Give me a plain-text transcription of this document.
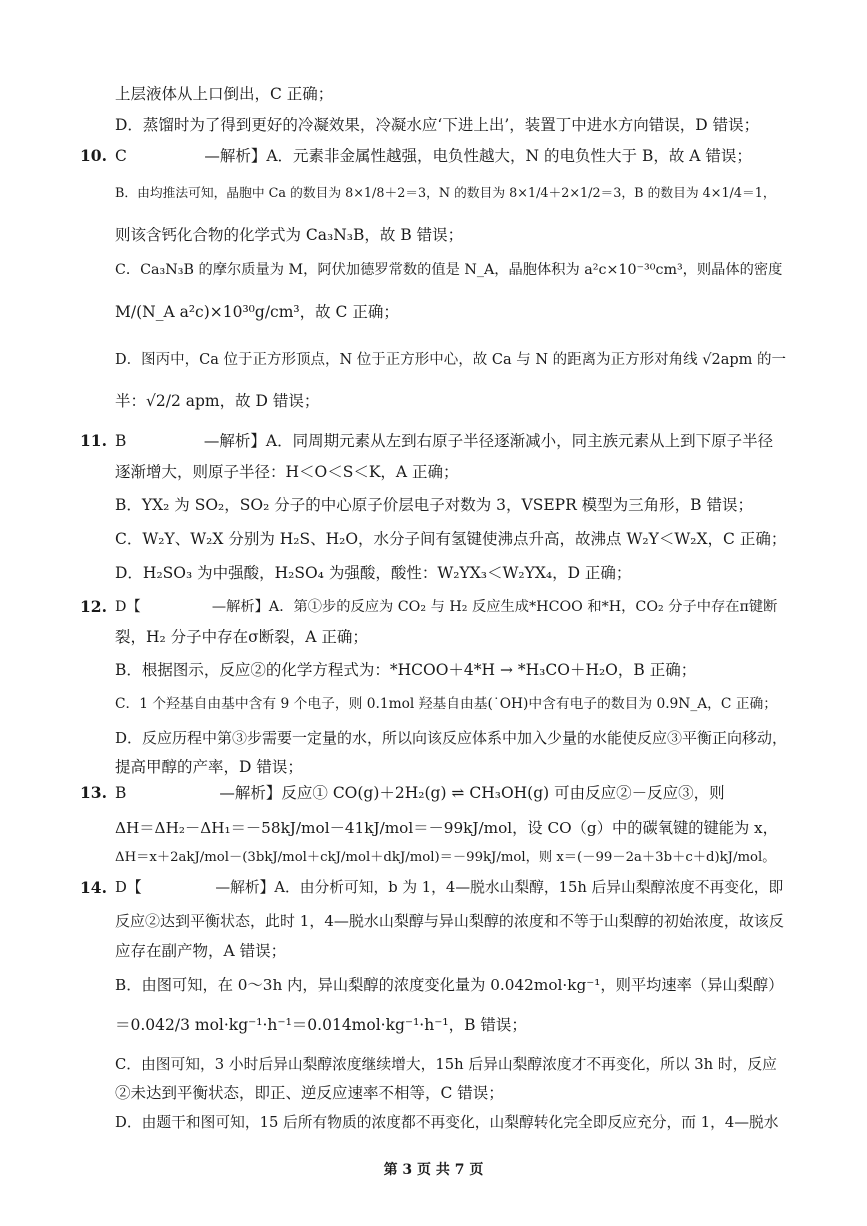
10.
11.
12.
13.
14.
上层液体从上口倒出，C 正确；
D．蒸馏时为了得到更好的冷凝效果，冷凝水应‘下进上出’，装置丁中进水方向错误，D 错误；
C　　　　　—解析】A．元素非金属性越强，电负性越大，N 的电负性大于 B，故 A 错误；
B．由均推法可知，晶胞中 Ca 的数目为 8×1/8＋2＝3，N 的数目为 8×1/4＋2×1/2＝3，B 的数目为 4×1/4＝1，
则该含钙化合物的化学式为 Ca₃N₃B，故 B 错误；
C．Ca₃N₃B 的摩尔质量为 M，阿伏加德罗常数的值是 N_A，晶胞体积为 a²c×10⁻³⁰cm³，则晶体的密度
M/(N_A a²c)×10³⁰g/cm³，故 C 正确；
D．图丙中，Ca 位于正方形顶点，N 位于正方形中心，故 Ca 与 N 的距离为正方形对角线 √2apm 的一
半：√2/2 apm，故 D 错误；
B　　　　　—解析】A．同周期元素从左到右原子半径逐渐减小，同主族元素从上到下原子半径
逐渐增大，则原子半径：H＜O＜S＜K，A 正确；
B．YX₂ 为 SO₂，SO₂ 分子的中心原子价层电子对数为 3，VSEPR 模型为三角形，B 错误；
C．W₂Y、W₂X 分别为 H₂S、H₂O，水分子间有氢键使沸点升高，故沸点 W₂Y＜W₂X，C 正确；
D．H₂SO₃ 为中强酸，H₂SO₄ 为强酸，酸性：W₂YX₃＜W₂YX₄，D 正确；
D【　　　　　—解析】A．第①步的反应为 CO₂ 与 H₂ 反应生成*HCOO 和*H，CO₂ 分子中存在π键断
裂，H₂ 分子中存在σ断裂，A 正确；
B．根据图示，反应②的化学方程式为：*HCOO＋4*H → *H₃CO＋H₂O，B 正确；
C．1 个羟基自由基中含有 9 个电子，则 0.1mol 羟基自由基(˙OH)中含有电子的数目为 0.9N_A，C 正确；
D．反应历程中第③步需要一定量的水，所以向该反应体系中加入少量的水能使反应③平衡正向移动，
提高甲醇的产率，D 错误；
B　　　　　　—解析】反应① CO(g)＋2H₂(g) ⇌ CH₃OH(g) 可由反应②－反应③，则
ΔH＝ΔH₂－ΔH₁＝－58kJ/mol－41kJ/mol＝－99kJ/mol，设 CO（g）中的碳氧键的键能为 x，
ΔH＝x＋2akJ/mol－(3bkJ/mol＋ckJ/mol＋dkJ/mol)＝－99kJ/mol，则 x＝(－99－2a＋3b＋c＋d)kJ/mol。
D【　　　　　—解析】A．由分析可知，b 为 1，4—脱水山梨醇，15h 后异山梨醇浓度不再变化，即
反应②达到平衡状态，此时 1，4—脱水山梨醇与异山梨醇的浓度和不等于山梨醇的初始浓度，故该反
应存在副产物，A 错误；
B．由图可知，在 0～3h 内，异山梨醇的浓度变化量为 0.042mol·kg⁻¹，则平均速率（异山梨醇）
＝0.042/3 mol·kg⁻¹·h⁻¹＝0.014mol·kg⁻¹·h⁻¹，B 错误；
C．由图可知，3 小时后异山梨醇浓度继续增大，15h 后异山梨醇浓度才不再变化，所以 3h 时，反应
②未达到平衡状态，即正、逆反应速率不相等，C 错误；
D．由题干和图可知，15 后所有物质的浓度都不再变化，山梨醇转化完全即反应充分，而 1，4—脱水
第 3 页 共 7 页
